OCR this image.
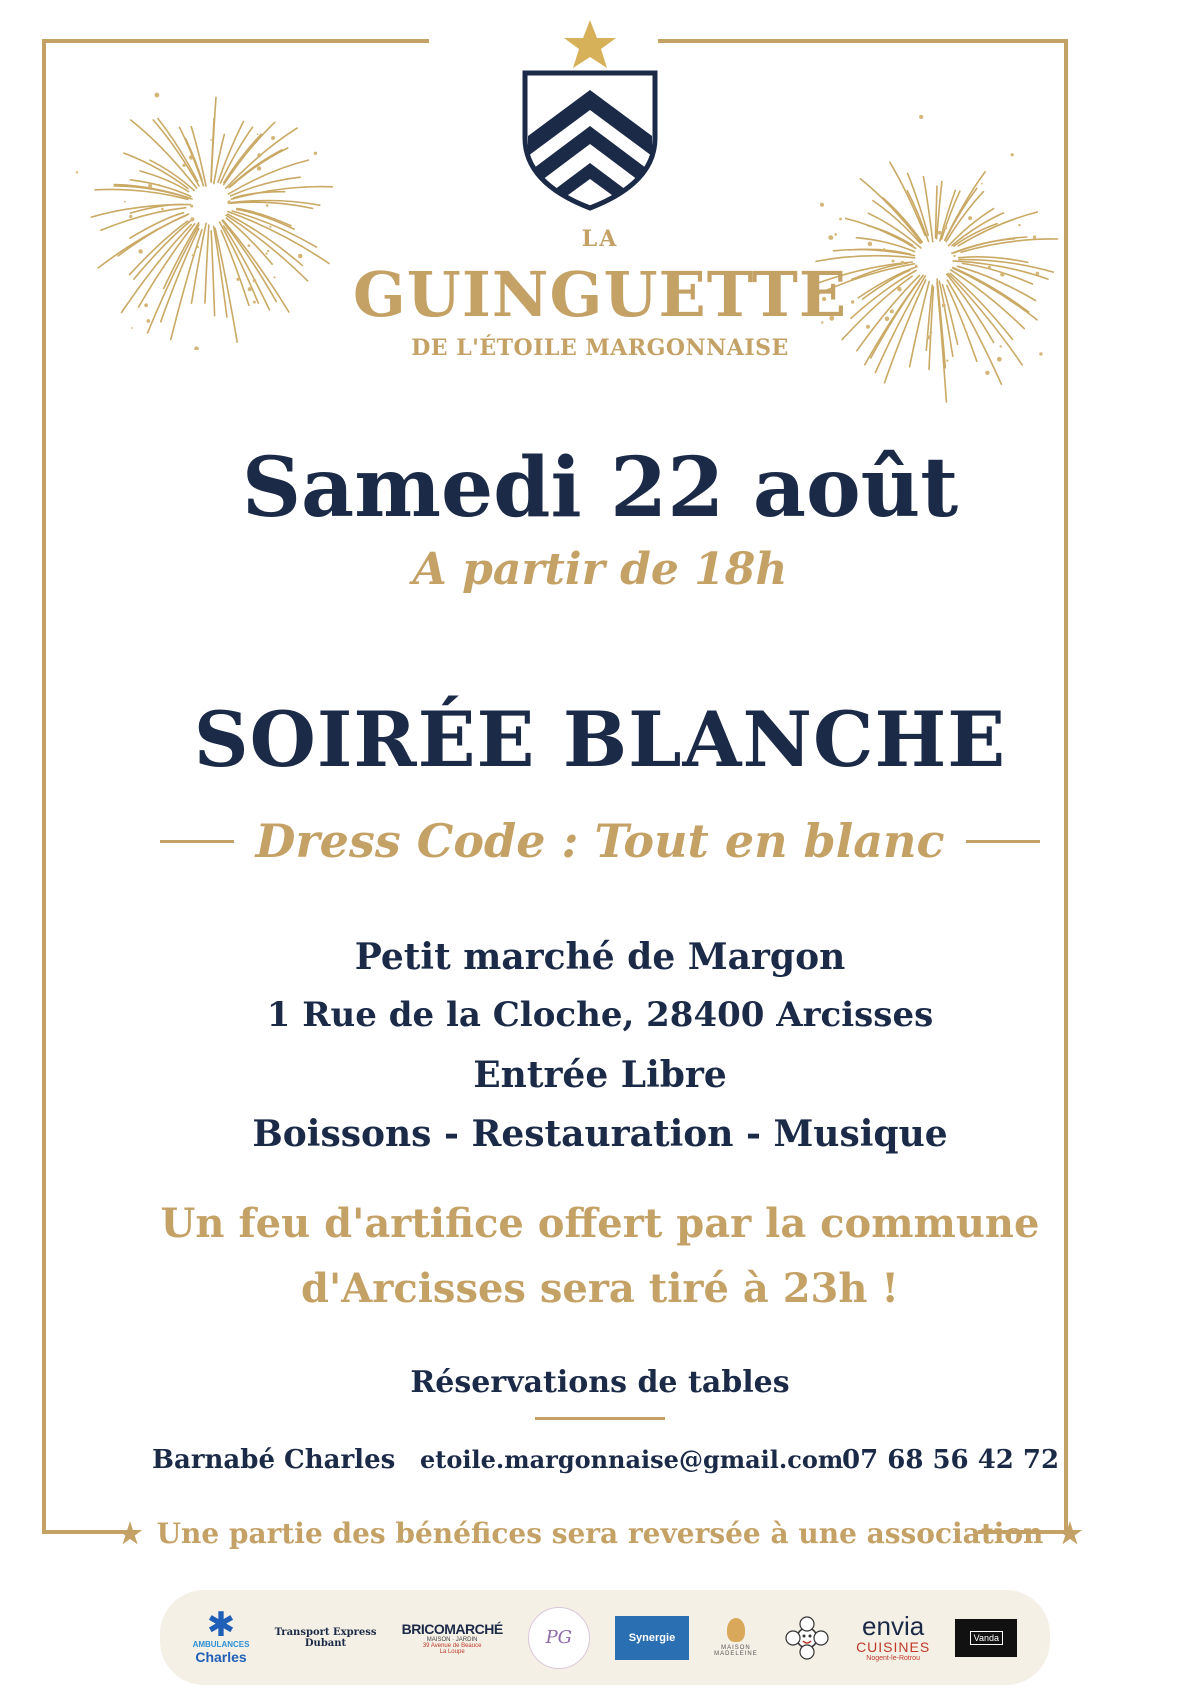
LA
GUINGUETTE
DE L'ÉTOILE MARGONNAISE
Samedi 22 août
A partir de 18h
SOIRÉE BLANCHE
Dress Code : Tout en blanc
Petit marché de Margon
1 Rue de la Cloche, 28400 Arcisses
Entrée Libre
Boissons - Restauration - Musique
Un feu d'artifice offert par la commune
d'Arcisses sera tiré à 23h !
Réservations de tables
Barnabé Charles etoile.margonnaise@gmail.com
07 68 56 42 72
★ Une partie des bénéfices sera reversée à une association ★
✱
AMBULANCES
Charles
Transport Express
Dubant
BRICOMARCHÉ
MAISON · JARDIN
39 Avenue de Beauce
La Loupe
PG	Synergie
MAISON
MADELEINE
envia
CUISINES
Nogent-le-Rotrou
Vanda
